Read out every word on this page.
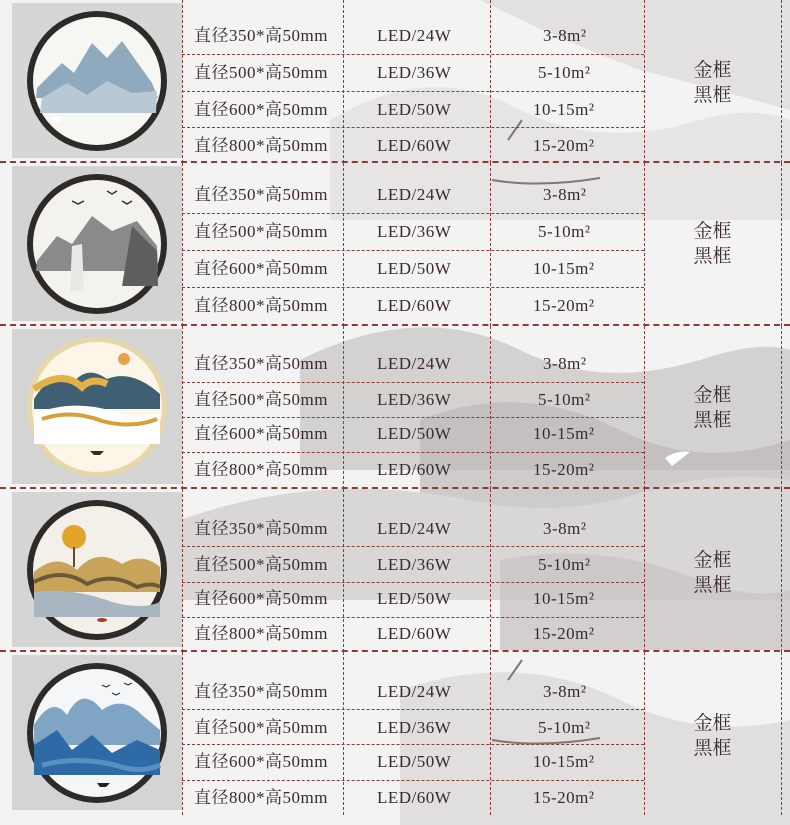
直径350*高50mm	LED/24W	3-8m²
直径500*高50mm	LED/36W	5-10m²
直径600*高50mm	LED/50W	10-15m²
直径800*高50mm	LED/60W	15-20m²
金框
黑框
直径350*高50mm	LED/24W	3-8m²
直径500*高50mm	LED/36W	5-10m²
直径600*高50mm	LED/50W	10-15m²
直径800*高50mm	LED/60W	15-20m²
金框
黑框
直径350*高50mm	LED/24W	3-8m²
直径500*高50mm	LED/36W	5-10m²
直径600*高50mm	LED/50W	10-15m²
直径800*高50mm	LED/60W	15-20m²
金框
黑框
直径350*高50mm	LED/24W	3-8m²
直径500*高50mm	LED/36W	5-10m²
直径600*高50mm	LED/50W	10-15m²
直径800*高50mm	LED/60W	15-20m²
金框
黑框
直径350*高50mm	LED/24W	3-8m²
直径500*高50mm	LED/36W	5-10m²
直径600*高50mm	LED/50W	10-15m²
直径800*高50mm	LED/60W	15-20m²
金框
黑框
